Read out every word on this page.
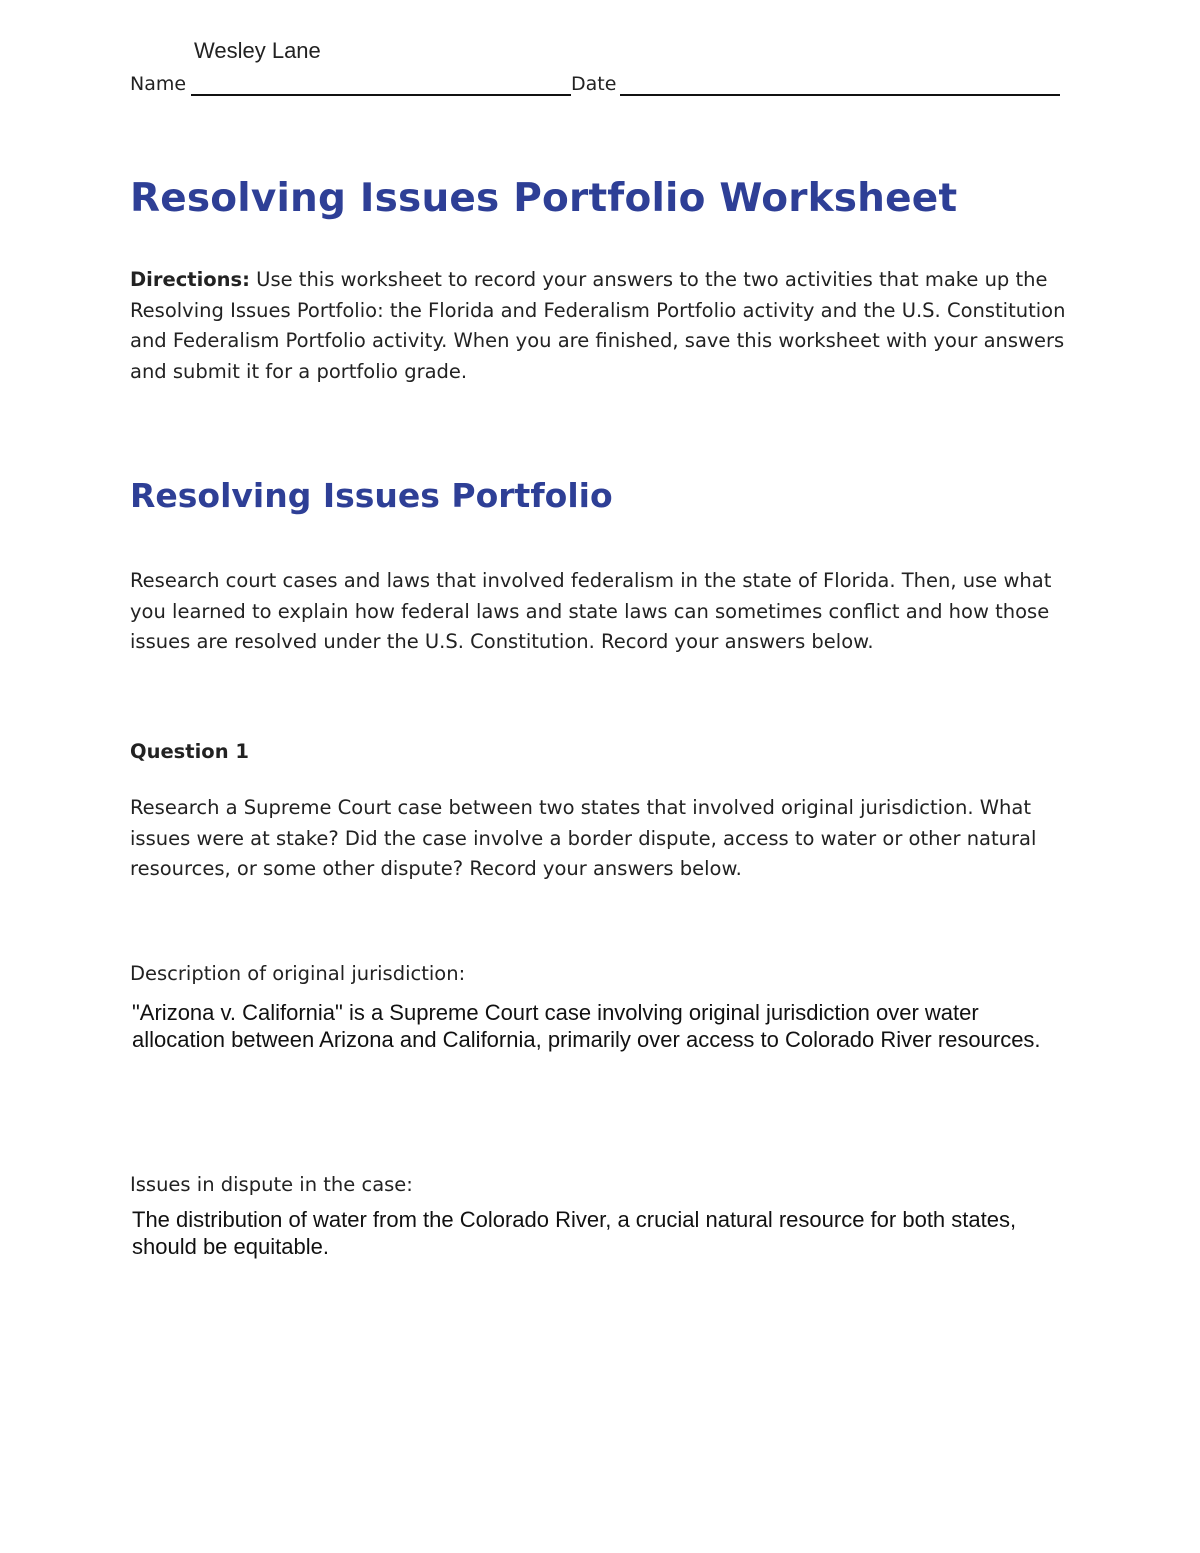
Wesley Lane
Name	Date
Resolving Issues Portfolio Worksheet

Directions: Use this worksheet to record your answers to the two activities that make up the Resolving Issues Portfolio: the Florida and Federalism Portfolio activity and the U.S. Constitution and Federalism Portfolio activity. When you are finished, save this worksheet with your answers and submit it for a portfolio grade.

Resolving Issues Portfolio

Research court cases and laws that involved federalism in the state of Florida. Then, use what you learned to explain how federal laws and state laws can sometimes conflict and how those issues are resolved under the U.S. Constitution. Record your answers below.

Question 1

Research a Supreme Court case between two states that involved original jurisdiction. What issues were at stake? Did the case involve a border dispute, access to water or other natural resources, or some other dispute? Record your answers below.

Description of original jurisdiction:

"Arizona v. California" is a Supreme Court case involving original jurisdiction over water allocation between Arizona and California, primarily over access to Colorado River resources.

Issues in dispute in the case:

The distribution of water from the Colorado River, a crucial natural resource for both states, should be equitable.
